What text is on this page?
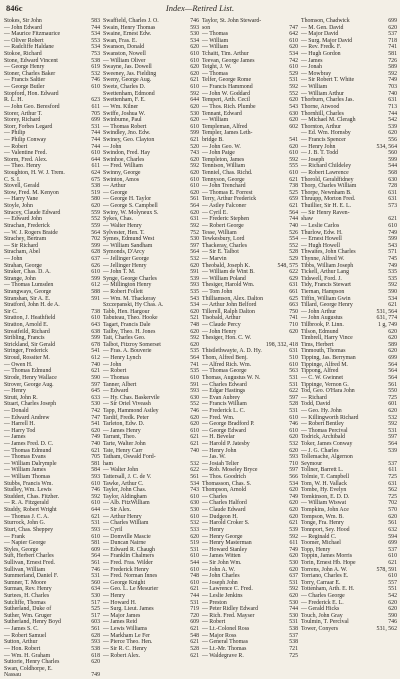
846c	Index—Retired List.
Stokes, Sir John	583
— John Edward	744
— Maurice Fitzmaurice	534
— Oliver Robert	553
— Radcliffe Haldane	534
Stokoe, Richard	753
Stone, Edward Vincent	538
— George Henry	619
Stoner, Charles Baker	532
— Francis Saltier	746
— George Butler	610
Stopford, Hon. Edward
R. L. H.	623
— John Geo. Beresford	611
Storer, Arthur T.	705
Storey, Richard	699
Storr, Forbes Legard	531
— Philip	744
— Philip Conway	744
— Robert	744
— Valentine Fred.	610
Storm, Fred. Alex.	644
— Theo. Henry	611
Stoughton, H. W. J. Trem.	624
C. S. I.	675
Stovell, Gerald	538
Stow, Fred. M. Kenyon	519
— Harry Vane	580
Stoyle, John	620
Stracey, Claude Edward	559
— Edward John	552
Strachan, Frederick	559
— W. J. Rogers Braide	564
Strachey, Bertram	702
— Sir Richard	599
Stracham, Abel	628
— John	637
Strahan, George	626
Straker, Chas. D. A.	610
Strange, John	599
— Thomas Lumsden	612
Strangways, George	588
Stranshan, Sir A. E.	591
Stratford, John H. de A.
Sir C.	738
Stratton, J. Heathfield	610
Stratton, Arnold E.	643
Streatfeild, Richard	638
Stribling, Francis	599
Strickland, Sir Gerald	678
Stringer, Frederick	541
Stroud, Rossiter M.	612
— Owen H.	740
— Thomas Edmund	621
Strode, Henry Wallace	590
Strover, George Aug.	597
— Henry	645
Strutt, John R.	633
Stuart, Charles Joseph	530
— Donald	742
— Edward Andrew	747
— Harrell H.	541
— Harry Tod	620
— James	749
— James Fred. D. C.	740
— Thomas Edmund	621
— Thomas Evans	705
— William Dalrymple	581
— William James	584
— William Thomas	593
Stubbs, Francis Wm.	610
Studley, Wm. Lewis	746
Studdert, Chas. Fitzher.	592
— R. A. Fitzgerald	610
Studdy, Robert Wright	644
— Thomas J. C. A.	621
Sturrock, John G.	531
Sturt, Chas. Sheppey	593
— Frank	610
— Napier George	581
Styles, George	609
Suft, Herbert Charles	564
Sullivan, Ernest Fred.	561
Sullivan, William	746
Summerland, Daniel F.	531
Sumner, T. Moore	560
Surman, Rev. Henry	634
Surtees, H. Charles	530
Sutcliffe, Thomas	517
Sutherland, Duke of	525
Suther, Wm. Gruger	517
Sutherland, Henry Boyd	603
— James S. C.	561
— Robert Samuel	628
Sutton, Arthur	593
— Hon. Robert	538
— Wm. H. Graham	618
Suttorie, Henry Charles	620
Swan, Coldhorpe, E.
Nassau	749
Swaffield, Charles J. O.	746
Swain, Henry Thomas	593
Swaine, Ernest Edw.	530
Swan, Fras. E.	534
Swanson, Donald	620
Swanston, Nowell	610
— William Oliver	610
Swayne, Jas. Dowell	620
Sweeney, Jas. Fielding	620
Sweny, George Aug.	621
Swete, Charles D.	610
Swettenham, Edmond	592
Swettenham, F. E.	644
— Wm. Kilner	620
Swiffe, Joshua W.	530
Swinburne, Paul	620
— Thomas Robert	610
Swindley, Jno. Edw.	599
Swiney, Geo. Clayton	621
— John	520
Swindon, Fred. Hay	743
Swinhoe, Charles	620
— Fred. William	592
Swinny, George	620
Swinton, Amos	610
— Arthur	610
— George	620
— George H. Taylor	561
— George S. Campbell	564
Swiny, W. Molyneux S.	620
Sykes, Chas.	631
— Walter Henry	592
Sylvester, Hen. T.	752
Symes, Edmund West	530
— William Sandham	597
Symonds, D'Arcy	564
— Jellinger George	532
— Jellinger Henry	620
— John T. M.	591
Synge, George Charles	539
— Millington Henry	593
— Robert Follett	535
— Wm. M. Thackeray	543
Szczepanski, Hy Chas. A.	534
Tabb, Hen. Hargour	620
Tabuteau, Theo. Hooke	521
Tagart, Francis Dale	748
Tailby, Theo. H. Jones	620
Tait, Charles Geo.	592
Talbot, Fitzroy Somerset	620
— Fras. A. Bouverie	535
— Henry Lynch	564
— John	741
— Robert	535
— Thomas	610
Tanner, Albert	591
— Edward	593
— Hy. Chas. Baskervile	630
— Sir Oriel Viveash	552
Tapp, Hammond Astley	746
Tardif, Fredk. Peter	620
Tarleton, Edw. D.	620
— James Henry	610
Tarrant, Theo.	621
Tarte, Walter John	621
Tate, Henry Carr	740
Tatham, Oswald Ford-
ham	532
— Walter John	622
Tattersall, J. C. de V.	561
Tawke, Arthur C.	534
Tayler, John Chas.	743
Taylor, Aldingham	610
— Alb. FitzWilliam	630
— Sir Alex.	530
— Arthur Henry	610
— Charles William	532
— Cyril	533
— Domville Mascie	620
— Duncan Nairne	519
— Edward R. Chaugh	531
— Franklin Chalmers	610
— Fred. Fras. Wilder	544
— Frederick Henry	610
— Fred. Norman Innes	748
— George Knight	610
— Geo. L. Le Mesurier	621
— Henry	744
— Howard H.	531
— Surg. Lieut. James	719
— Major James	720
— James Reid	609
— Lewis Williams	621
— Markham Le Fer	548
— Pierce Theo. Hen.	621
— Sir R. C. Henry	528
— Robert Alex.	621
Taylor, St. John Steward-
son	747
— Thomas	642
— William	610
— William	620
Tchaitt, Tim. Arthur	534
Teevan, George James	742
Teight, J. W.	610
— Thomas	529
Telfer, George Rome	531
— Francis Hammond	592
— John W. Goddard	552
Temperi, Arth. Cecil	620
— Thos. Rich. Plumbe	543
Tennant, Edward	630
— William	620
Templeman, Alfred	602
Templer, James Leth-
bridge B.	541
— John Geo. W.	620
— John Paige	610
Templeton, James	592
Tennison, William	555
Tenniel, Chas. Richd.	610
Tennyson, George	621
— John Trenchard	738
— Thomas E. Forrest	525
Terry, Arthur Frederick	659
— Astley Falconer	621
— Cyril E.	564
— Frederic Stephen	744
— Robert George	740
Tesse, William	526
Tewkesbury, Lord	554
Thackeray, Charles	552
— Sir E. Talbot	528
— Marvin	529
Theobald, Joseph K.	548, 575
— William de Wint B.	622
— William Poland	629
Thesiger, Harold Wm.	631
— Tom John	661
Thilliamson, Alex. Dalton	625
— Arthur John Belford	663
Tillerell, Ralph Dalton	750
Tisobald, Arthur	741
— Claude Percy	710
— John Henry	620
Thesiger, Hon. C. W.
198, 332, 418
Thistlethwayte, A. D. Hy.	631
Thom, Alfred Benj.	510
— Alfred Rich. Wm.	610
— Thomas George	563
Thomas, Augustus W. N.	531
— Charles Edward	531
— Edgar Hastings	622
— Evan Aubrey	597
— Francis William	528
— Frederick L. C.	531
— Fred. Wm.	610
— George Bradford P.	746
— George Edward	610
— H. Bevelar	620
— Harold P. Jatesby	532
— Henry John	620
— Jas. W.	593
— Josiah Telier	710
— Rob. Moseley Bryce	597
— Thos. Goodrich	566
Thomasson, Chas. S.	534
Thompson, Arnold	620
— Charles	749
— Charles Halford	620
— Claude Edward	620
— Dudgeon H.	620
— Harold Croker S.	621
— Henry	539
— Henry George	592
— Henry Masterman	611
— Howard Stanley	749
— James Witten	620
— Sir John Wm.	530
— John A. W.	620
— John Charles	637
— Joseph John	531
— Lawrence C. Fred.	592
— Leslie Jenkins	620
— Preston	530
— Peter Ridley Edward	744
— Rich. Fred. Mayser	530
— Robert	531
— Lt.-Colonel Ross	538
— Major Ross	537
— General Thomas	538
— Lt.-Mr. Thomas	721
— Waldegrave R.	725
Thomson, Chadwick	699
— M. Gen. David	620
— Major David	537
— Surg. Major David	718
— Rev. Fredk. F.	741
— Hugh Gordon	581
— James	726
— Jonah	589
— Mowbray	592
— Sir Robert T. White	749
— William	703
— William Arthur	740
Thorburn, Charles Jas.	631
Thorne, Atwood	713
Thornhill, Charles	744
— Michael M. Cleragh	542
Thornton, Arthur	539
— Ed. Wm. Hornsby	620
— Francis Spencer	556
— Henry John	534, 564
— J. B. T. Todd	560
— Joseph	599
— Richard Childeley	544
— Robert Lawrence	568
Thorold, Geraldfidney	630
Thorp, Charles William	728
Thorpe, Newnham B.	631
Thruupp, Morton Fred.	631
Thuillier, Sir H. E. L.	573
— Sir Henry Raven-
shaw	621
— Leslie Carlos	610
Thurlow, Edw. H.	749
— Ernest Howell	599
— Hugh Howell	543
Thwaites, John Charles	571
Thynne, Alfred W.	745
Tibbs, William Joseph	749
Tickell, Arthur Lang	535
Tidswell, Ford. J.	535
Tidy, Francis Stewart	592
Tiernan, Hampson	590
Tiffin, William Gwin	534
Tillard, George Henry	621
— John Arthur	531, 564
— John Augustus	631, 774
Tillbrook, P. Linn.	1 g, 749
Tilson, Edmund	620
Timbrell, Harry Vince	620
Tims, Herbert	589
Tinmouth, Thomas	620
Tipping, Jas. Berryman	699
Tippinge, Alfred M.	564
Tippong, Alfred	564
— C. W. Gwinnet	564
Tippinge, Vernon G.	561
Tod, Geo. O'Hara John	550
— Richard	725
Todd, David	601
— Geo. Hy. John	620
— Killingworth Richard	532
— Robert Bentley	592
— Thomas Percival	531
Todrick, Archibald	597
Toker, James Conway	564
— J. G. Charles	539
Tollemache, Algernon
Seymour	537
Tollner, Barrett L.	611
Tolmie, T. Campbell	725
Tom, W. H. Vallack	631
Tombe, Hy. Evelyn	562
Tomkinson, E. D. D.	725
— William Wiswat	702
Tompkins, John Ace	570
Tompson, Wm. B.	620
Tonge, Fra. Henry	561
Tonnport, Sey. Hood	632
— Reginald C.	594
Toomer, Michael	699
Topp, Henry	537
Toppin, James Morris	610
Torin, Ernest Hb. Hope	621
Torrens, John A. W.	578, 591
Torriano, Charles E.	610
Torry, Carraar E.	557
Tottenham, Arth. E. H.	551
— Charles George	542
— Frederick E. L.	620
— Gerald Hicks	620
Touch, John Gray	590
Toulmin, T. Percival	746
Tower, Conyers	531, 562
